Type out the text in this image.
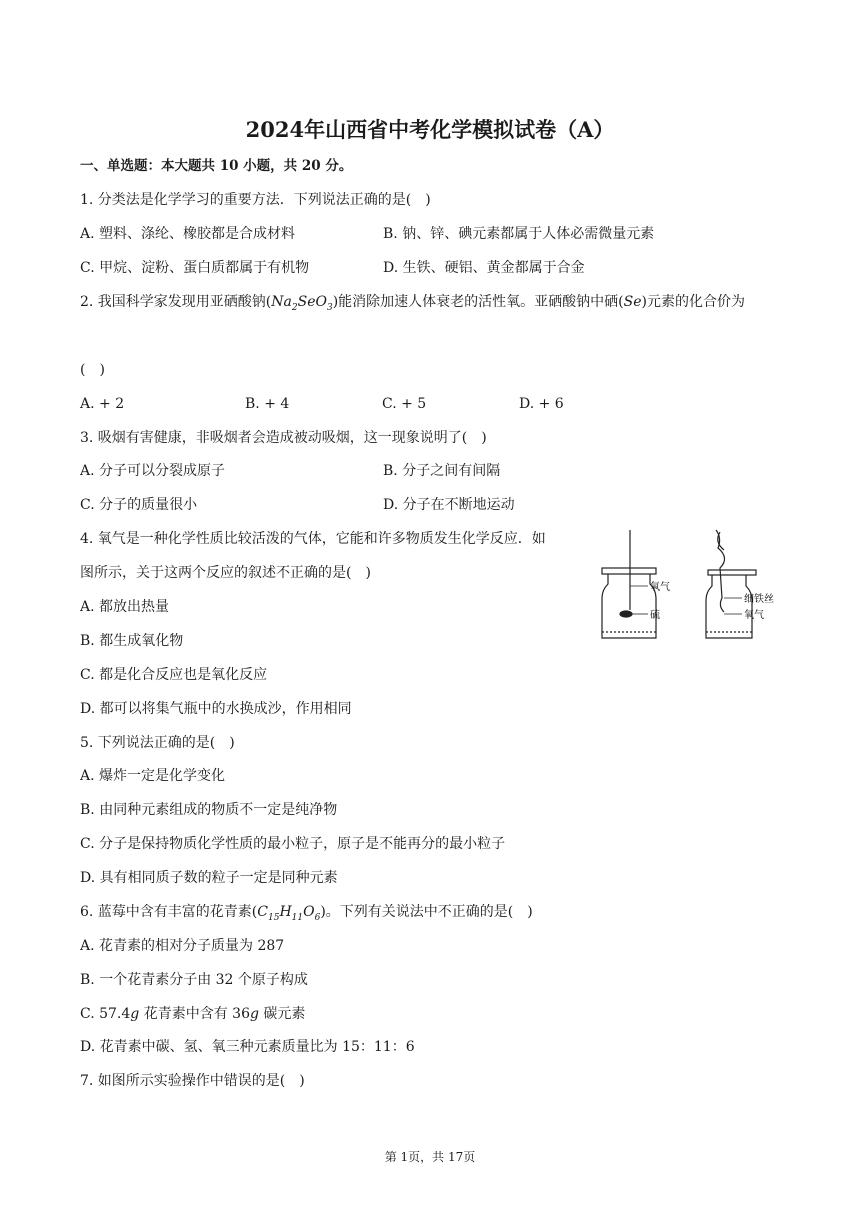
2024年山西省中考化学模拟试卷（A）
一、单选题：本大题共 10 小题，共 20 分。
1. 分类法是化学学习的重要方法．下列说法正确的是(　)
A. 塑料、涤纶、橡胶都是合成材料	B. 钠、锌、碘元素都属于人体必需微量元素
C. 甲烷、淀粉、蛋白质都属于有机物	D. 生铁、硬铝、黄金都属于合金
2. 我国科学家发现用亚硒酸钠$(Na_2SeO_3)$能消除加速人体衰老的活性氧。亚硒酸钠中硒(Se)元素的化合价为
(　)
A. + 2	B. + 4	C. + 5	D. + 6
3. 吸烟有害健康，非吸烟者会造成被动吸烟，这一现象说明了(　)
A. 分子可以分裂成原子	B. 分子之间有间隔
C. 分子的质量很小	D. 分子在不断地运动
4. 氧气是一种化学性质比较活泼的气体，它能和许多物质发生化学反应．如
图所示，关于这两个反应的叙述不正确的是(　)
A. 都放出热量
B. 都生成氧化物
C. 都是化合反应也是氧化反应
D. 都可以将集气瓶中的水换成沙，作用相同
氧气
硫
细铁丝
氧气
5. 下列说法正确的是(　)
A. 爆炸一定是化学变化
B. 由同种元素组成的物质不一定是纯净物
C. 分子是保持物质化学性质的最小粒子，原子是不能再分的最小粒子
D. 具有相同质子数的粒子一定是同种元素
6. 蓝莓中含有丰富的花青素$(C_{15}H_{11}O_6)$。下列有关说法中不正确的是(　)
A. 花青素的相对分子质量为 287
B. 一个花青素分子由 32 个原子构成
C. 57.4g 花青素中含有 36g 碳元素
D. 花青素中碳、氢、氧三种元素质量比为 15：11：6
7. 如图所示实验操作中错误的是(　)
第 1页，共 17页
